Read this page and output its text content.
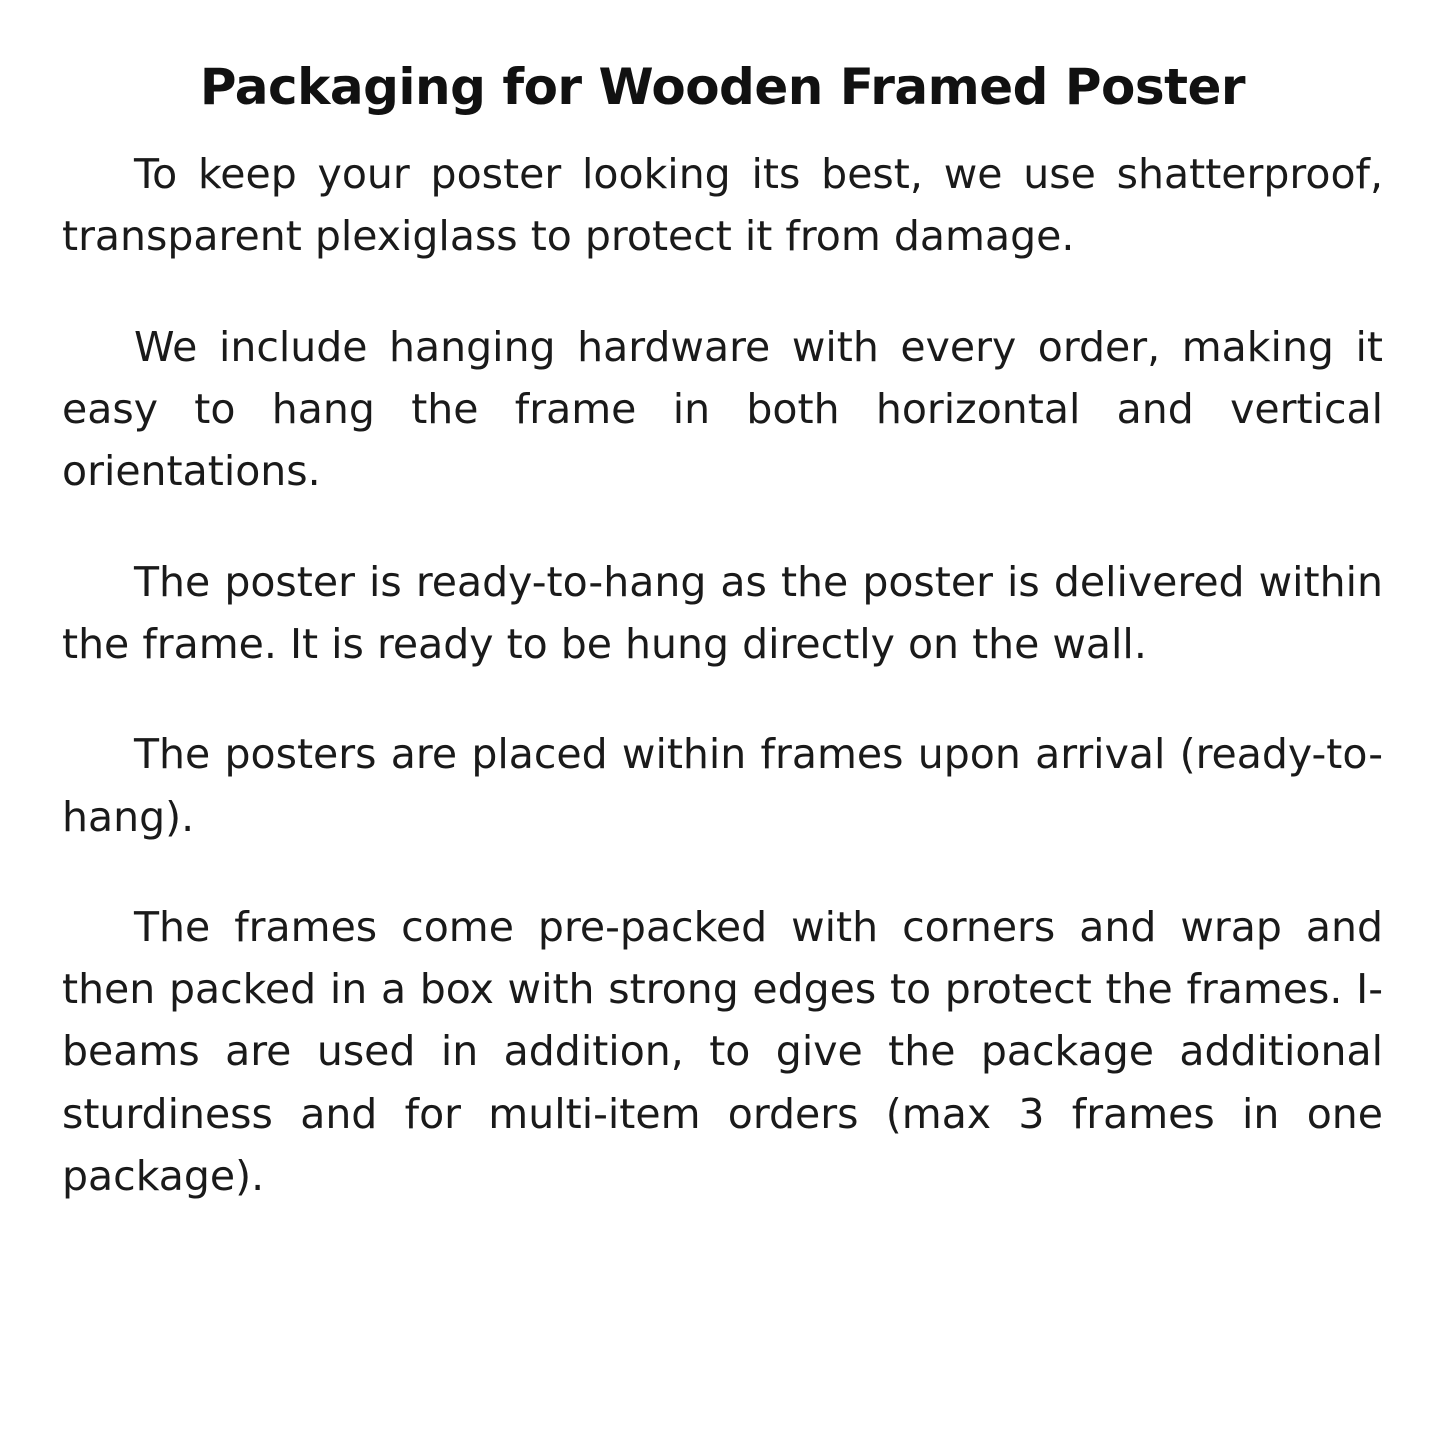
Packaging for Wooden Framed Poster

To keep your poster looking its best, we use shatterproof, transparent plexiglass to protect it from damage.

We include hanging hardware with every order, making it easy to hang the frame in both horizontal and vertical orientations.

The poster is ready-to-hang as the poster is delivered within the frame. It is ready to be hung directly on the wall.

The posters are placed within frames upon arrival (ready-to-hang).

The frames come pre-packed with corners and wrap and then packed in a box with strong edges to protect the frames. I-beams are used in addition, to give the package additional sturdiness and for multi-item orders (max 3 frames in one package).
